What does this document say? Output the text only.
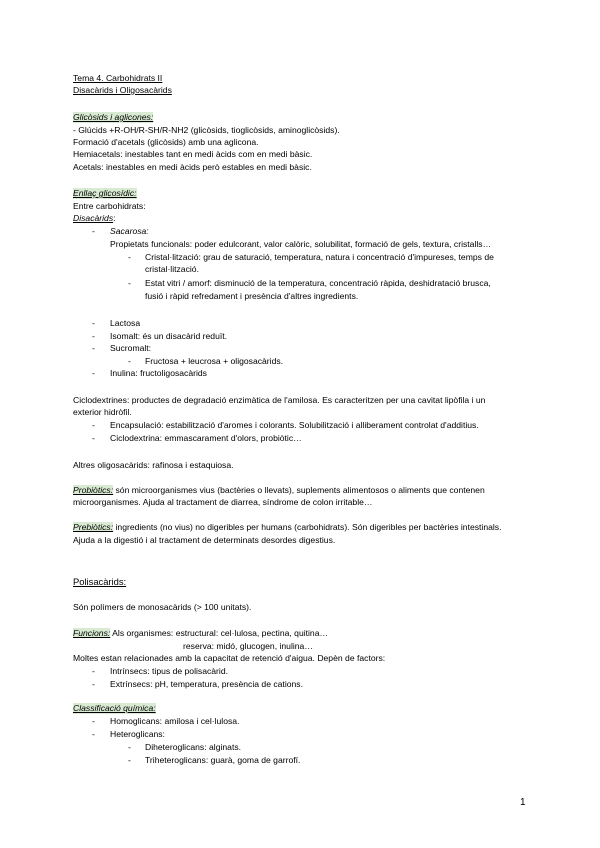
Tema 4. Carbohidrats II
Disacàrids i Oligosacàrids
Glicòsids i aglicones:
- Glúcids +R-OH/R-SH/R-NH2 (glicòsids, tioglicòsids, aminoglicòsids).
Formació d'acetals (glicòsids) amb una aglicona.
Hemiacetals: inestables tant en medi àcids com en medi bàsic.
Acetals: inestables en medi àcids però estables en medi bàsic.
Enllaç glicosídic:
Entre carbohidrats:
Disacàrids:
- Sacarosa:
Propietats funcionals: poder edulcorant, valor calòric, solubilitat, formació de gels, textura, cristalls…
- Cristal·lització: grau de saturació, temperatura, natura i concentració d'impureses, temps de
cristal·lització.
- Estat vitri / amorf: disminució de la temperatura, concentració ràpida, deshidratació brusca,
fusió i ràpid refredament i presència d'altres ingredients.
- Lactosa
- Isomalt: és un disacàrid reduït.
- Sucromalt:
- Fructosa + leucrosa + oligosacàrids.
- Inulina: fructoligosacàrids
Ciclodextrines: productes de degradació enzimàtica de l'amilosa. Es caracteritzen per una cavitat lipòfila i un
exterior hidròfil.
- Encapsulació: estabilització d'aromes i colorants. Solubilització i alliberament controlat d'additius.
- Ciclodextrina: emmascarament d'olors, probiòtic…
Altres oligosacàrids: rafinosa i estaquiosa.
Probiòtics: són microorganismes vius (bactèries o llevats), suplements alimentosos o aliments que contenen
microorganismes. Ajuda al tractament de diarrea, síndrome de colon irritable…
Prebiòtics: ingredients (no vius) no digeribles per humans (carbohidrats). Són digeribles per bactèries intestinals.
Ajuda a la digestió i al tractament de determinats desordes digestius.
Polisacàrids:
Són polímers de monosacàrids (> 100 unitats).
Funcions: Als organismes: estructural: cel·lulosa, pectina, quitina…
reserva: midó, glucogen, inulina…
Moltes estan relacionades amb la capacitat de retenció d'aigua. Depèn de factors:
- Intrínsecs: tipus de polisacàrid.
- Extrínsecs: pH, temperatura, presència de cations.
Classificació química:
- Homoglicans: amilosa i cel·lulosa.
- Heteroglicans:
- Diheteroglicans: alginats.
- Triheteroglicans: guarà, goma de garrofí.
1
